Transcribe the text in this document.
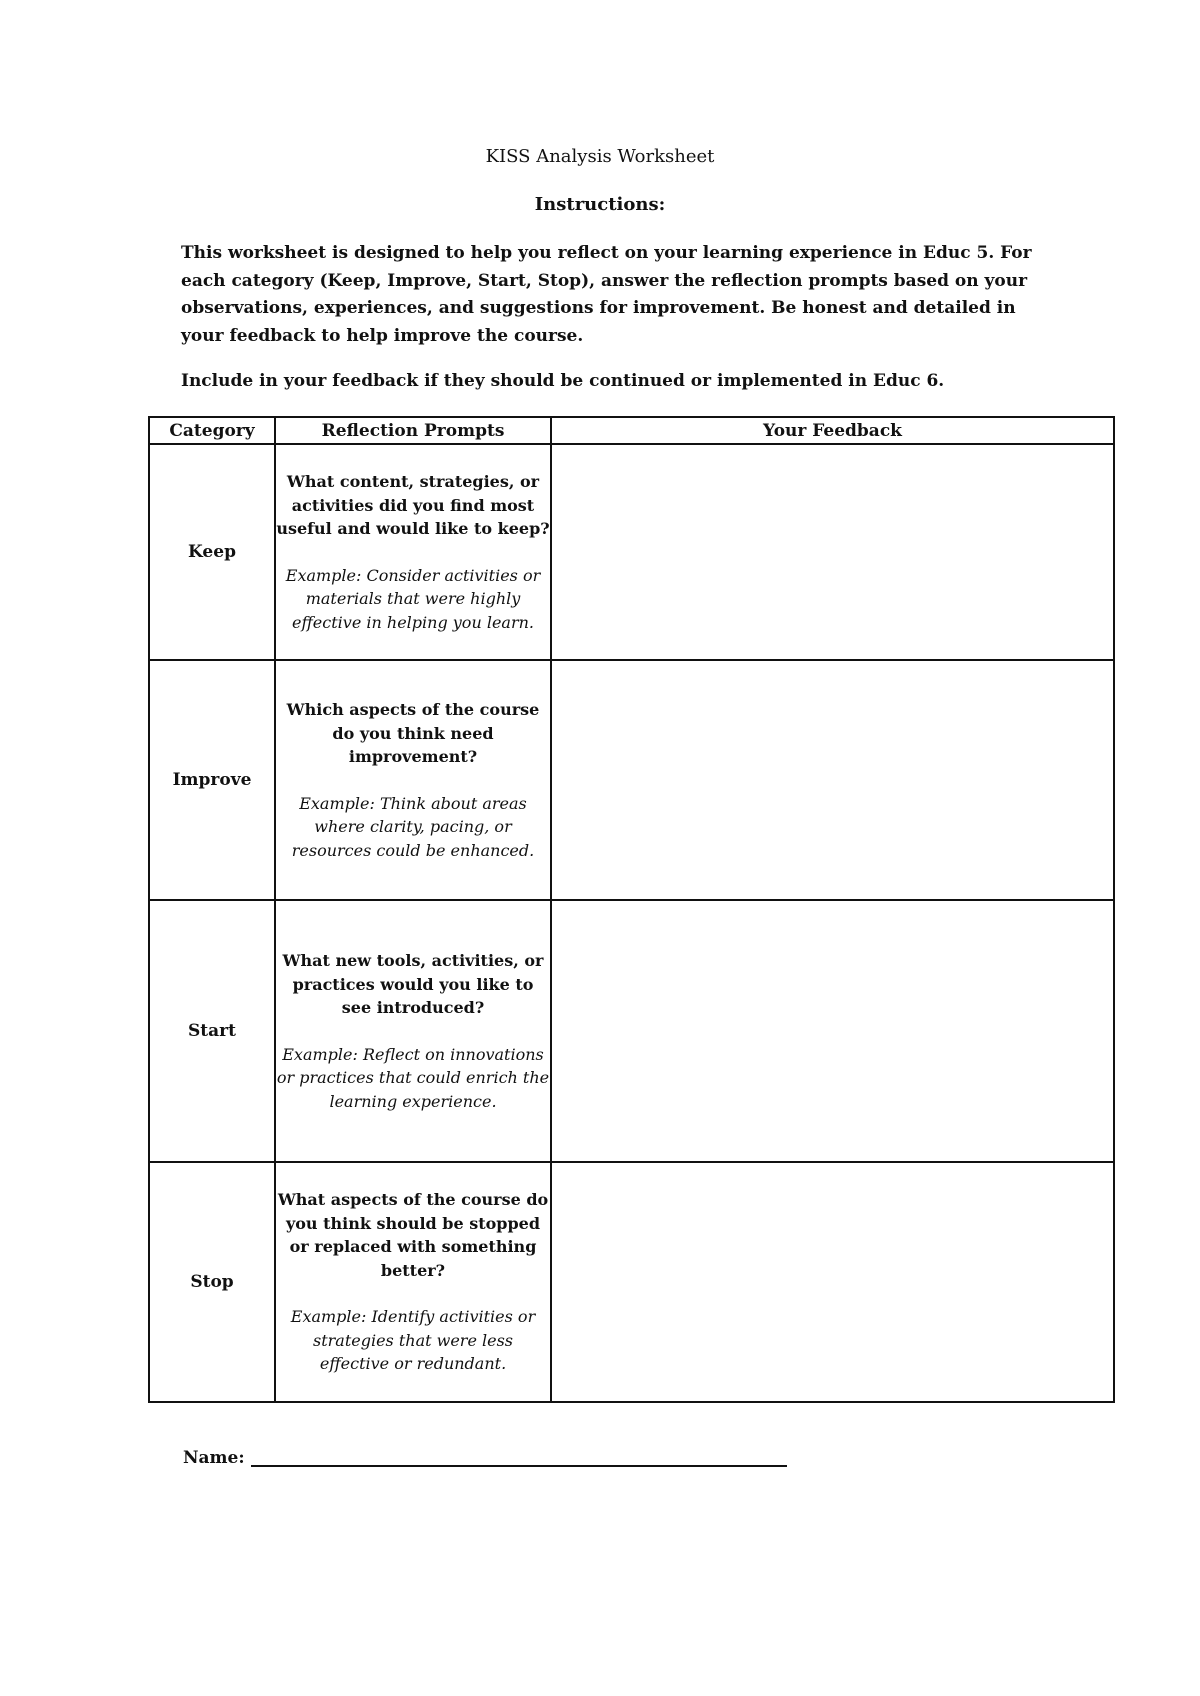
KISS Analysis Worksheet
Instructions:
This worksheet is designed to help you reflect on your learning experience in Educ 5. For each category (Keep, Improve, Start, Stop), answer the reflection prompts based on your observations, experiences, and suggestions for improvement. Be honest and detailed in your feedback to help improve the course.
Include in your feedback if they should be continued or implemented in Educ 6.
Category	Reflection Prompts	Your Feedback
Keep	What content, strategies, or activities did you find most useful and would like to keep?

Example: Consider activities or materials that were highly effective in helping you learn.	

Improve	Which aspects of the course do you think need improvement?

Example: Think about areas where clarity, pacing, or resources could be enhanced.	

Start	What new tools, activities, or practices would you like to see introduced?

Example: Reflect on innovations or practices that could enrich the learning experience.	

Stop	What aspects of the course do you think should be stopped or replaced with something better?

Example: Identify activities or strategies that were less effective or redundant.	

Name:
